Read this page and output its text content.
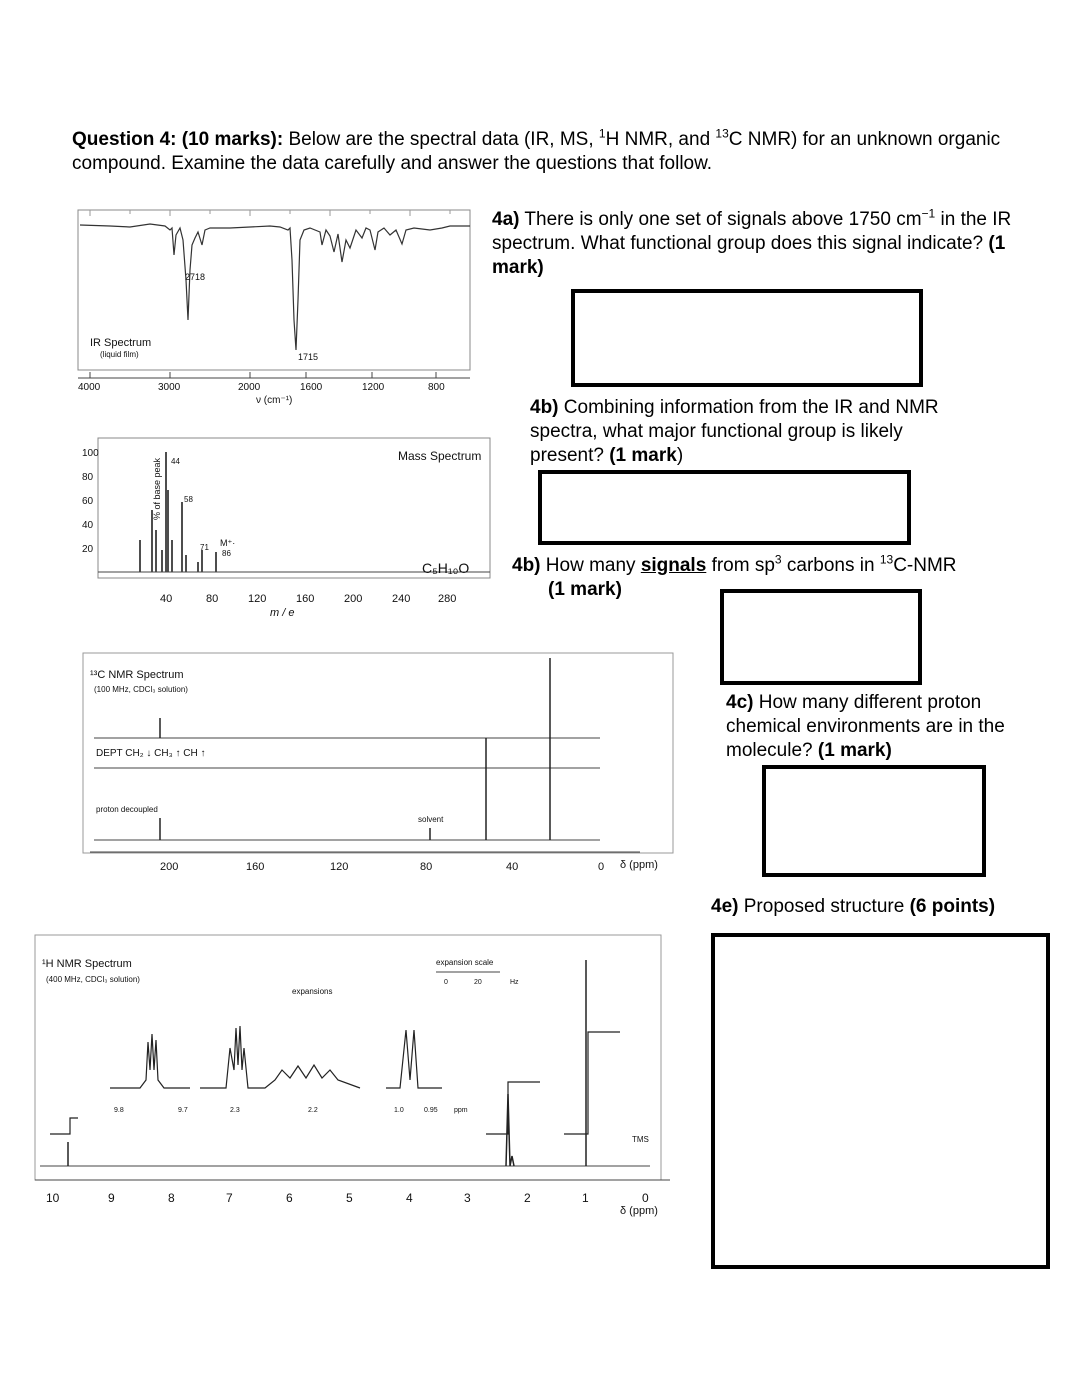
Question 4: (10 marks): Below are the spectral data (IR, MS, $^1$H NMR, and $^{13}$C NMR) for an unknown organic compound. Examine the data carefully and answer the questions that follow.
4a) There is only one set of signals above 1750 $cm^{-1}$ in the IR spectrum. What functional group does this signal indicate? (1 mark)
4b) Combining information from the IR and NMR spectra, what major functional group is likely present? (1 mark)
4b) How many signals from $sp^3$ carbons in $^{13}$C-NMR
(1 mark)
4c) How many different proton chemical environments are in the molecule? (1 mark)
4e) Proposed structure (6 points)
2718
1715
IR Spectrum
(liquid film)
4000	3000	2000	1600	1200	800
ν (cm⁻¹)
% of base peak
100
80
60
40
20
44
58
71 M⁺·
86
Mass Spectrum
C₅H₁₀O
40	80	120	160	200	240	280
m / e
¹³C NMR Spectrum
(100 MHz, CDCl₃ solution)
DEPT CH₂ ↓ CH₃ ↑ CH ↑
proton decoupled
solvent
200	160	120	80	40	0 δ (ppm)
¹H NMR Spectrum
(400 MHz, CDCl₃ solution)
expansions
expansion scale
0	20	Hz
9.8	9.7	2.3	2.2	1.0	0.95 ppm
TMS
10	9	8	7	6	5	4	3	2	1	0
δ (ppm)
